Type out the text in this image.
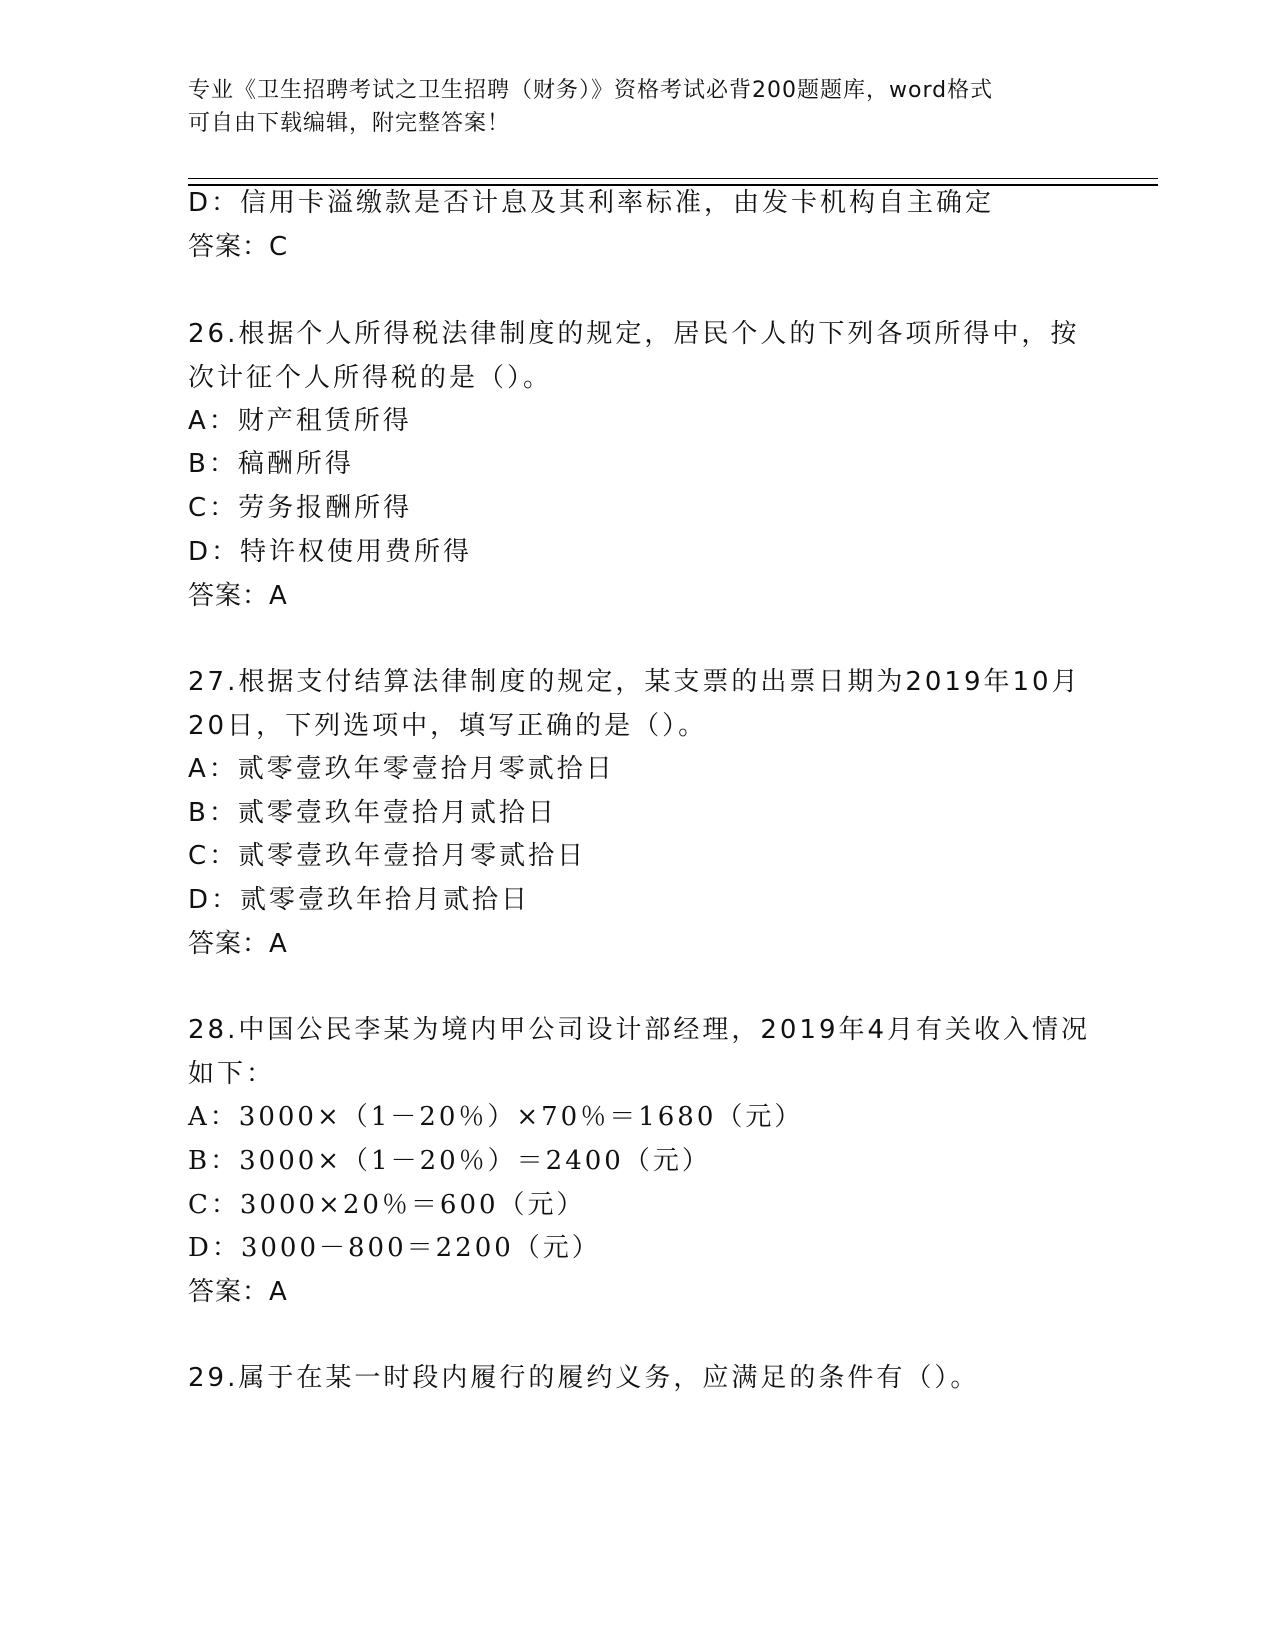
专业《卫生招聘考试之卫生招聘（财务）》资格考试必背200题题库，word格式
可自由下载编辑，附完整答案！
D：信用卡溢缴款是否计息及其利率标准，由发卡机构自主确定
答案：C
26.根据个人所得税法律制度的规定，居民个人的下列各项所得中，按
次计征个人所得税的是（）。
A：财产租赁所得
B：稿酬所得
C：劳务报酬所得
D：特许权使用费所得
答案：A
27.根据支付结算法律制度的规定，某支票的出票日期为2019年10月
20日，下列选项中，填写正确的是（）。
A：贰零壹玖年零壹拾月零贰拾日
B：贰零壹玖年壹拾月贰拾日
C：贰零壹玖年壹拾月零贰拾日
D：贰零壹玖年拾月贰拾日
答案：A
28.中国公民李某为境内甲公司设计部经理，2019年4月有关收入情况
如下：
A：3000×（1－20％）×70％＝1680（元）
B：3000×（1－20％）＝2400（元）
C：3000×20％＝600（元）
D：3000－800＝2200（元）
答案：A
29.属于在某一时段内履行的履约义务，应满足的条件有（）。
